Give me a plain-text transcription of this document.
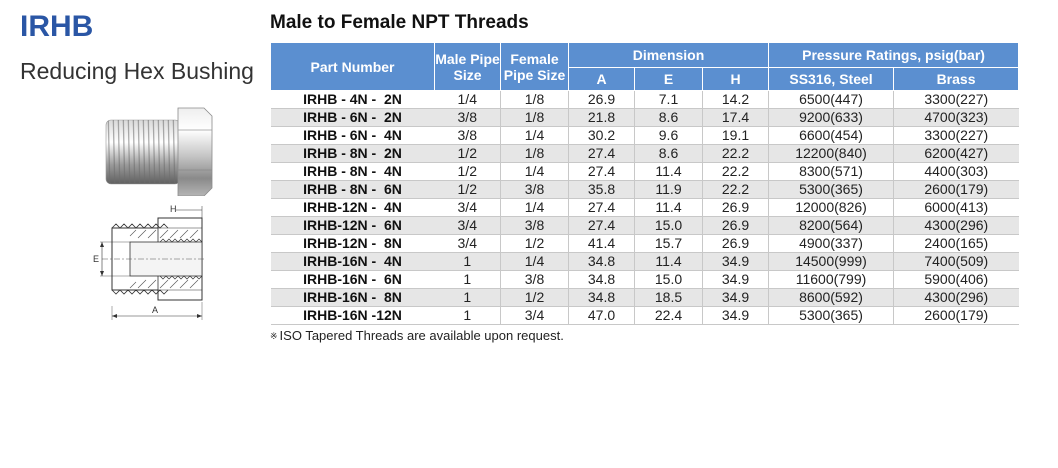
IRHB
Reducing Hex Bushing
H
E
A
Male to Female NPT Threads
Part Number	Male Pipe Size	Female Pipe Size	Dimension			Pressure Ratings, psig(bar)	
			A	E	H	SS316, Steel	Brass
IRHB - 4N -  2N	1/4	1/8	26.9	7.1	14.2	6500(447)	3300(227)
IRHB - 6N -  2N	3/8	1/8	21.8	8.6	17.4	9200(633)	4700(323)
IRHB - 6N -  4N	3/8	1/4	30.2	9.6	19.1	6600(454)	3300(227)
IRHB - 8N -  2N	1/2	1/8	27.4	8.6	22.2	12200(840)	6200(427)
IRHB - 8N -  4N	1/2	1/4	27.4	11.4	22.2	8300(571)	4400(303)
IRHB - 8N -  6N	1/2	3/8	35.8	11.9	22.2	5300(365)	2600(179)
IRHB-12N -  4N	3/4	1/4	27.4	11.4	26.9	12000(826)	6000(413)
IRHB-12N -  6N	3/4	3/8	27.4	15.0	26.9	8200(564)	4300(296)
IRHB-12N -  8N	3/4	1/2	41.4	15.7	26.9	4900(337)	2400(165)
IRHB-16N -  4N	1	1/4	34.8	11.4	34.9	14500(999)	7400(509)
IRHB-16N -  6N	1	3/8	34.8	15.0	34.9	11600(799)	5900(406)
IRHB-16N -  8N	1	1/2	34.8	18.5	34.9	8600(592)	4300(296)
IRHB-16N -12N	1	3/4	47.0	22.4	34.9	5300(365)	2600(179)
※ ISO Tapered Threads are available upon request.
